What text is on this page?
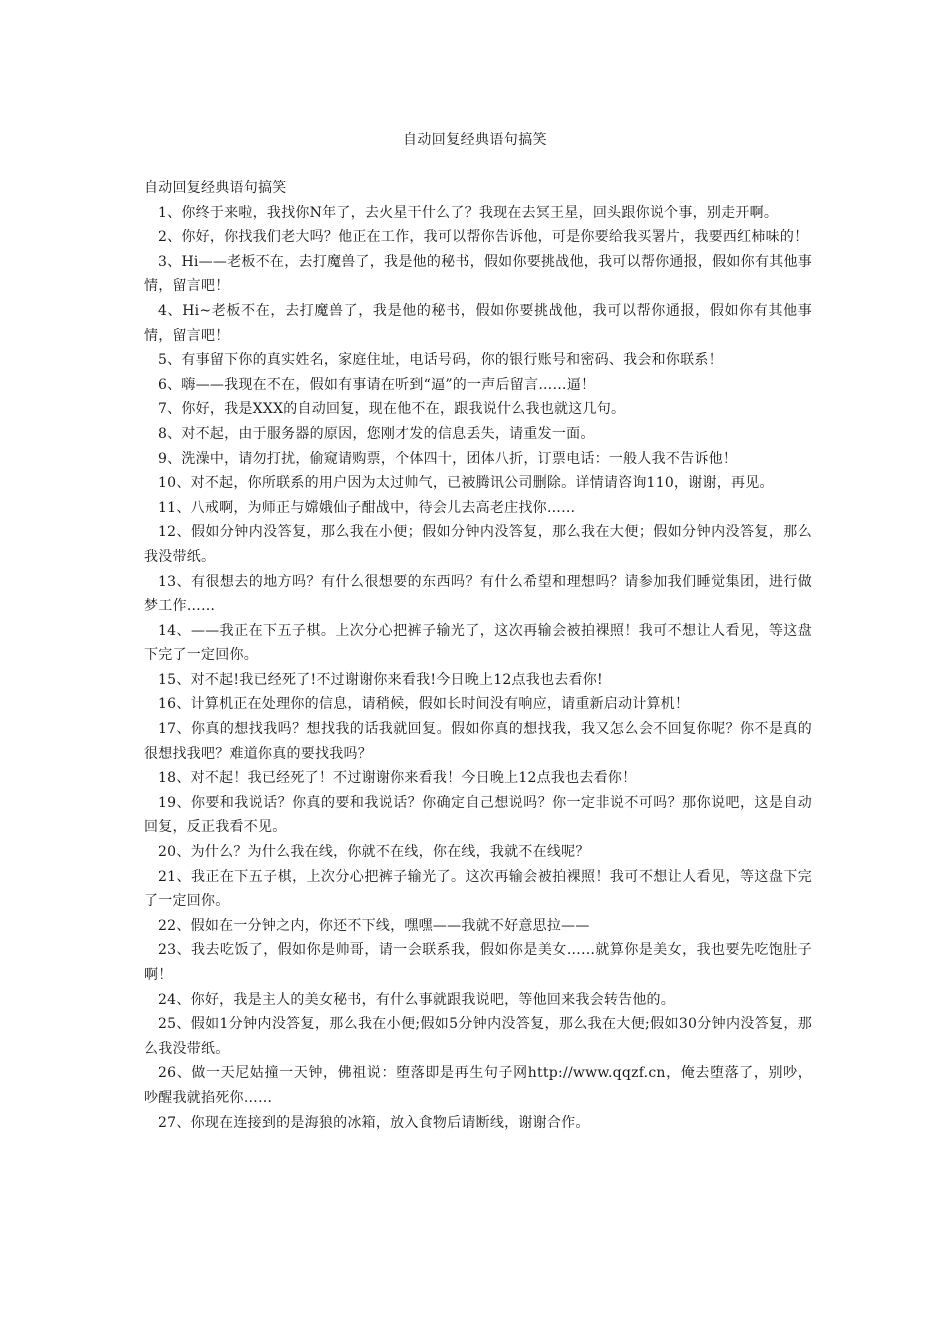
自动回复经典语句搞笑

自动回复经典语句搞笑

1、你终于来啦，我找你N年了，去火星干什么了？我现在去冥王星，回头跟你说个事，别走开啊。

2、你好，你找我们老大吗？他正在工作，我可以帮你告诉他，可是你要给我买署片，我要西红柿味的！

3、Hi——老板不在，去打魔兽了，我是他的秘书，假如你要挑战他，我可以帮你通报，假如你有其他事情，留言吧！

4、Hi~老板不在，去打魔兽了，我是他的秘书，假如你要挑战他，我可以帮你通报，假如你有其他事情，留言吧！

5、有事留下你的真实姓名，家庭住址，电话号码，你的银行账号和密码、我会和你联系！

6、嗨——我现在不在，假如有事请在听到“逼”的一声后留言……逼！

7、你好，我是XXX的自动回复，现在他不在，跟我说什么我也就这几句。

8、对不起，由于服务器的原因，您刚才发的信息丢失，请重发一面。

9、洗澡中，请勿打扰，偷窥请购票，个体四十，团体八折，订票电话：一般人我不告诉他！

10、对不起，你所联系的用户因为太过帅气，已被腾讯公司删除。详情请咨询110，谢谢，再见。

11、八戒啊，为师正与嫦娥仙子酣战中，待会儿去高老庄找你……

12、假如分钟内没答复，那么我在小便；假如分钟内没答复，那么我在大便；假如分钟内没答复，那么我没带纸。

13、有很想去的地方吗？有什么很想要的东西吗？有什么希望和理想吗？请参加我们睡觉集团，进行做梦工作……

14、——我正在下五子棋。上次分心把裤子输光了，这次再输会被拍裸照！我可不想让人看见，等这盘下完了一定回你。

15、对不起!我已经死了!不过谢谢你来看我!今日晚上12点我也去看你!

16、计算机正在处理你的信息，请稍候，假如长时间没有响应，请重新启动计算机！

17、你真的想找我吗？想找我的话我就回复。假如你真的想找我，我又怎么会不回复你呢？你不是真的很想找我吧？难道你真的要找我吗？

18、对不起！我已经死了！不过谢谢你来看我！今日晚上12点我也去看你！

19、你要和我说话？你真的要和我说话？你确定自己想说吗？你一定非说不可吗？那你说吧，这是自动回复，反正我看不见。

20、为什么？为什么我在线，你就不在线，你在线，我就不在线呢？

21、我正在下五子棋，上次分心把裤子输光了。这次再输会被拍裸照！我可不想让人看见，等这盘下完了一定回你。

22、假如在一分钟之内，你还不下线，嘿嘿——我就不好意思拉——

23、我去吃饭了，假如你是帅哥，请一会联系我，假如你是美女……就算你是美女，我也要先吃饱肚子啊！

24、你好，我是主人的美女秘书，有什么事就跟我说吧，等他回来我会转告他的。

25、假如1分钟内没答复，那么我在小便;假如5分钟内没答复，那么我在大便;假如30分钟内没答复，那么我没带纸。

26、做一天尼姑撞一天钟，佛祖说：堕落即是再生句子网http://www.qqzf.cn，俺去堕落了，别吵，吵醒我就掐死你……

27、你现在连接到的是海狼的冰箱，放入食物后请断线，谢谢合作。
